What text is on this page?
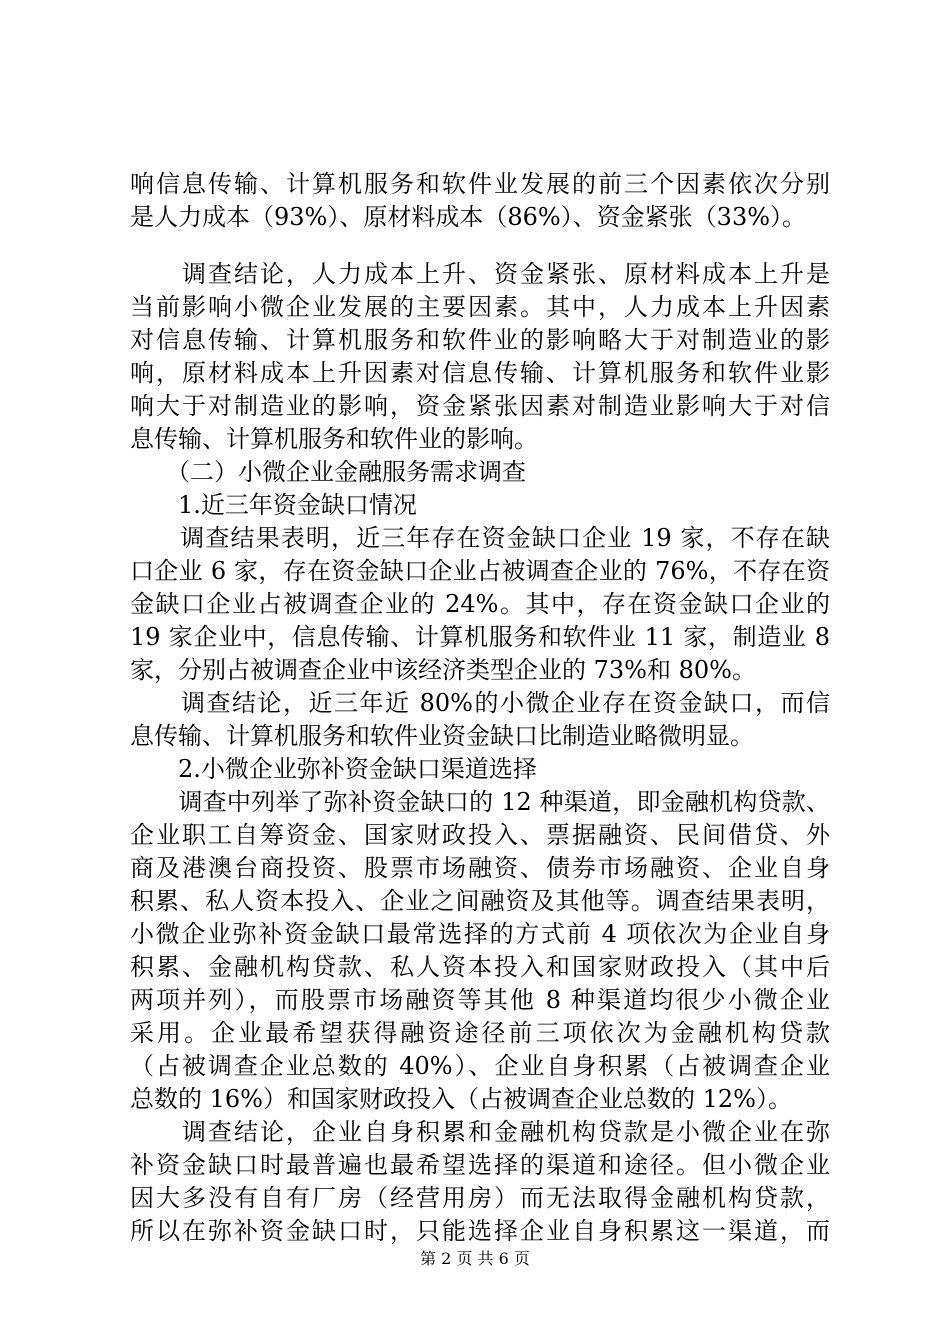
响信息传输、计算机服务和软件业发展的前三个因素依次分别
是人力成本（93%）、原材料成本（86%）、资金紧张（33%）。
　　调查结论，人力成本上升、资金紧张、原材料成本上升是
当前影响小微企业发展的主要因素。其中，人力成本上升因素
对信息传输、计算机服务和软件业的影响略大于对制造业的影
响，原材料成本上升因素对信息传输、计算机服务和软件业影
响大于对制造业的影响，资金紧张因素对制造业影响大于对信
息传输、计算机服务和软件业的影响。
　　（二）小微企业金融服务需求调查
　　1.近三年资金缺口情况
　　调查结果表明，近三年存在资金缺口企业 19 家，不存在缺
口企业 6 家，存在资金缺口企业占被调查企业的 76%，不存在资
金缺口企业占被调查企业的 24%。其中，存在资金缺口企业的
19 家企业中，信息传输、计算机服务和软件业 11 家，制造业 8
家，分别占被调查企业中该经济类型企业的 73%和 80%。
　　调查结论，近三年近 80%的小微企业存在资金缺口，而信
息传输、计算机服务和软件业资金缺口比制造业略微明显。
　　2.小微企业弥补资金缺口渠道选择
　　调查中列举了弥补资金缺口的 12 种渠道，即金融机构贷款、
企业职工自筹资金、国家财政投入、票据融资、民间借贷、外
商及港澳台商投资、股票市场融资、债券市场融资、企业自身
积累、私人资本投入、企业之间融资及其他等。调查结果表明，
小微企业弥补资金缺口最常选择的方式前 4 项依次为企业自身
积累、金融机构贷款、私人资本投入和国家财政投入（其中后
两项并列），而股票市场融资等其他 8 种渠道均很少小微企业
采用。企业最希望获得融资途径前三项依次为金融机构贷款
（占被调查企业总数的 40%）、企业自身积累（占被调查企业
总数的 16%）和国家财政投入（占被调查企业总数的 12%）。
　　调查结论，企业自身积累和金融机构贷款是小微企业在弥
补资金缺口时最普遍也最希望选择的渠道和途径。但小微企业
因大多没有自有厂房（经营用房）而无法取得金融机构贷款，
所以在弥补资金缺口时，只能选择企业自身积累这一渠道，而
第 2 页 共 6 页
